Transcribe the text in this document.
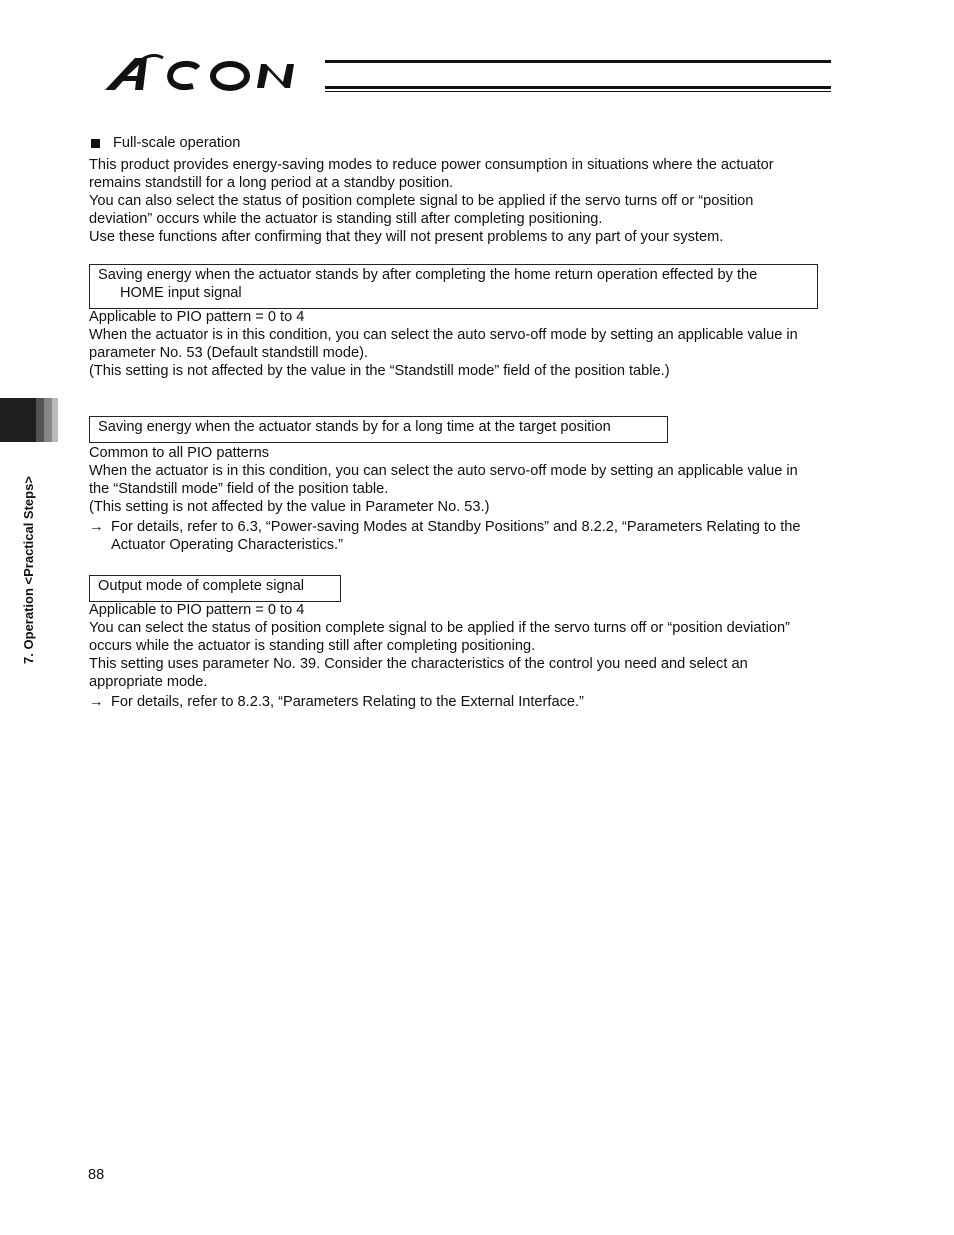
7. Operation <Practical Steps>
Full-scale operation

This product provides energy-saving modes to reduce power consumption in situations where the actuator

remains standstill for a long period at a standby position.

You can also select the status of position complete signal to be applied if the servo turns off or “position

deviation” occurs while the actuator is standing still after completing positioning.

Use these functions after confirming that they will not present problems to any part of your system.

Saving energy when the actuator stands by after completing the home return operation effected by the

HOME input signal

Applicable to PIO pattern = 0 to 4

When the actuator is in this condition, you can select the auto servo-off mode by setting an applicable value in

parameter No. 53 (Default standstill mode).

(This setting is not affected by the value in the “Standstill mode” field of the position table.)

Saving energy when the actuator stands by for a long time at the target position

Common to all PIO patterns

When the actuator is in this condition, you can select the auto servo-off mode by setting an applicable value in

the “Standstill mode” field of the position table.

(This setting is not affected by the value in Parameter No. 53.)

→ For details, refer to 6.3, “Power-saving Modes at Standby Positions” and 8.2.2, “Parameters Relating to the

Actuator Operating Characteristics.”

Output mode of complete signal

Applicable to PIO pattern = 0 to 4

You can select the status of position complete signal to be applied if the servo turns off or “position deviation”

occurs while the actuator is standing still after completing positioning.

This setting uses parameter No. 39. Consider the characteristics of the control you need and select an

appropriate mode.

→ For details, refer to 8.2.3, “Parameters Relating to the External Interface.”
88
